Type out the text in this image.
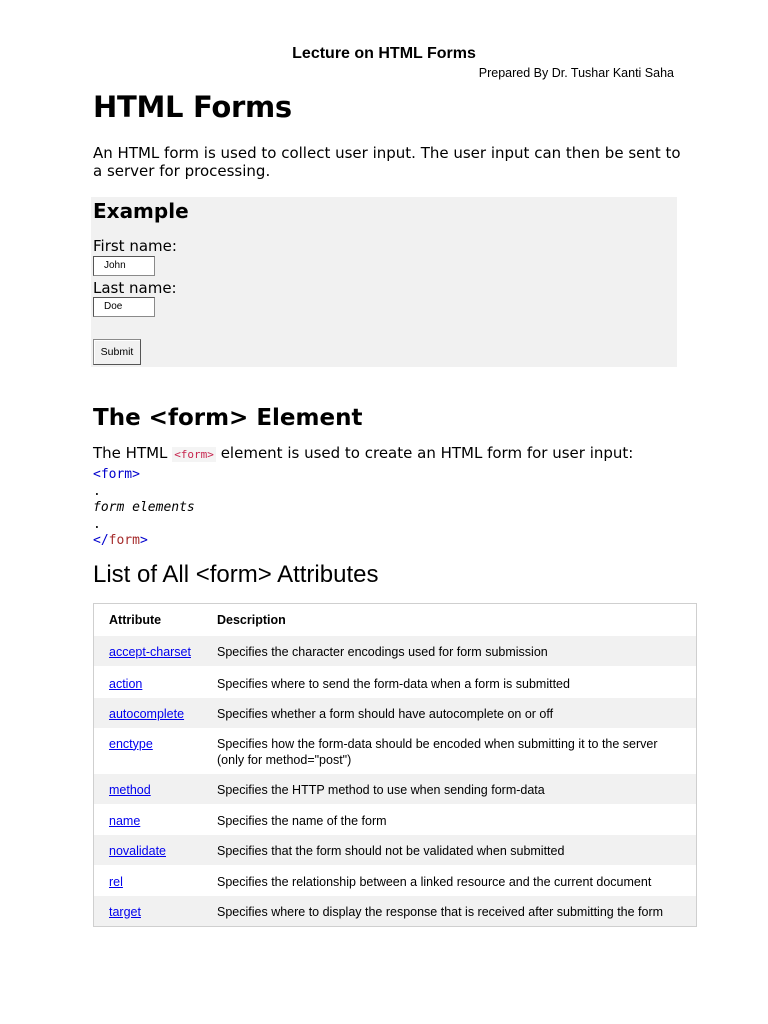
Lecture on HTML Forms
Prepared By Dr. Tushar Kanti Saha
HTML Forms

An HTML form is used to collect user input. The user input can then be sent to a server for processing.

Example
First name:
John
Last name:
Doe
Submit
The <form> Element

The HTML <form> element is used to create an HTML form for user input:

<form>
.
form elements
.
</form>
List of All <form> Attributes
Attribute	Description
accept-charset	Specifies the character encodings used for form submission
action	Specifies where to send the form-data when a form is submitted
autocomplete	Specifies whether a form should have autocomplete on or off
enctype	Specifies how the form-data should be encoded when submitting it to the server (only for method="post")
method	Specifies the HTTP method to use when sending form-data
name	Specifies the name of the form
novalidate	Specifies that the form should not be validated when submitted
rel	Specifies the relationship between a linked resource and the current document
target	Specifies where to display the response that is received after submitting the form
